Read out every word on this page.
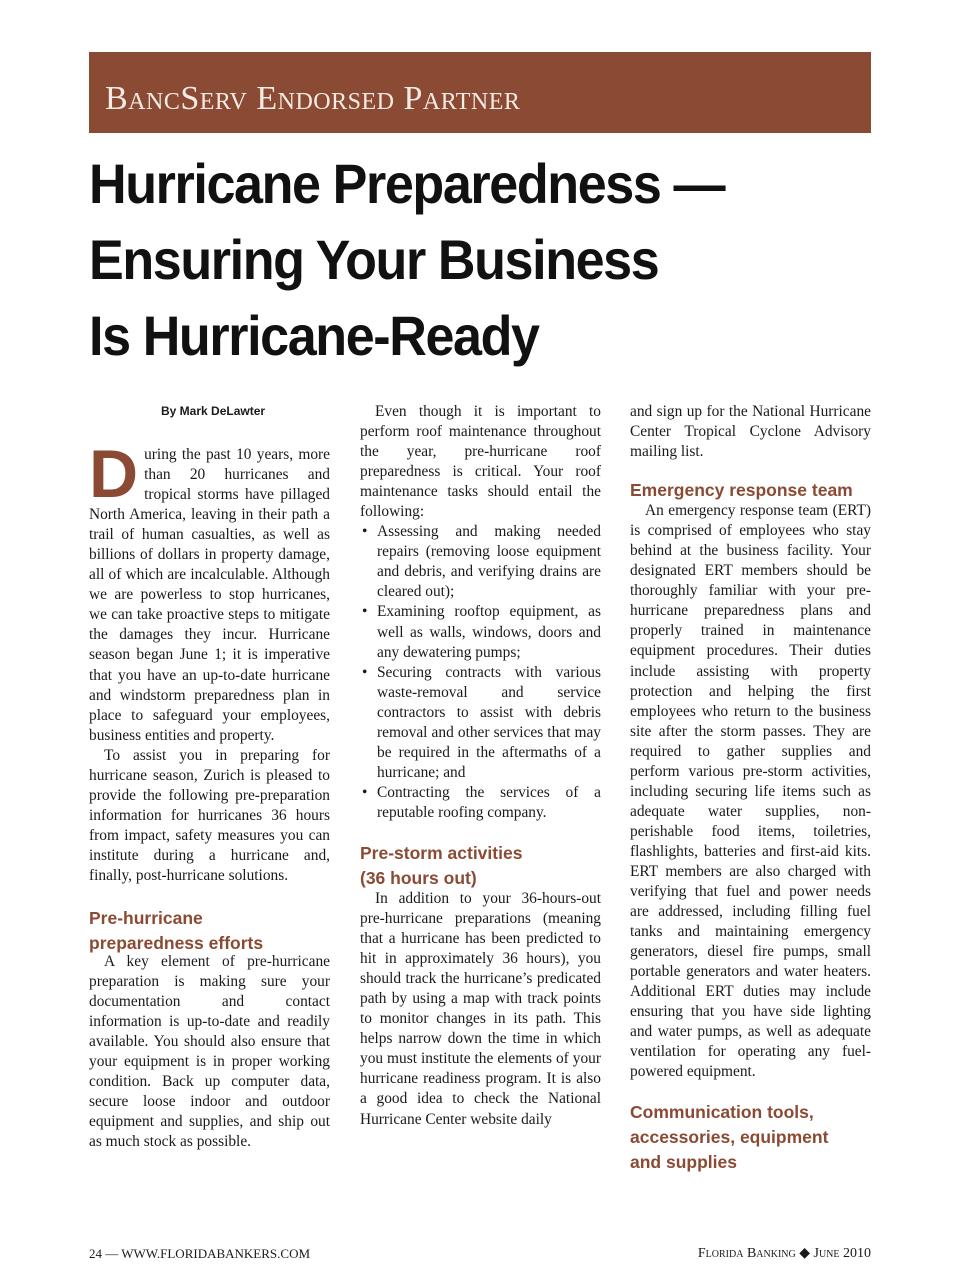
BancServ Endorsed Partner
Hurricane Preparedness —
Ensuring Your Business
Is Hurricane-Ready
By Mark DeLawter

During the past 10 years, more than 20 hurricanes and tropical storms have pillaged North America, leaving in their path a trail of human casualties, as well as billions of dollars in property damage, all of which are incalculable. Although we are powerless to stop hurricanes, we can take proactive steps to mitigate the damages they incur. Hurricane season began June 1; it is imperative that you have an up-to-date hurricane and windstorm preparedness plan in place to safeguard your employees, business entities and property.

To assist you in preparing for hurricane season, Zurich is pleased to provide the following pre-preparation information for hurricanes 36 hours from impact, safety measures you can institute during a hurricane and, finally, post-hurricane solutions.

Pre-hurricane
preparedness efforts

A key element of pre-hurricane preparation is making sure your documentation and contact information is up-to-date and readily available. You should also ensure that your equipment is in proper working condition. Back up computer data, secure loose indoor and outdoor equipment and supplies, and ship out as much stock as possible.

Even though it is important to perform roof maintenance throughout the year, pre-hurricane roof preparedness is critical. Your roof maintenance tasks should entail the following:

• Assessing and making needed repairs (removing loose equipment and debris, and verifying drains are cleared out);
• Examining rooftop equipment, as well as walls, windows, doors and any dewatering pumps;
• Securing contracts with various waste-removal and service contractors to assist with debris removal and other services that may be required in the aftermaths of a hurricane; and
• Contracting the services of a reputable roofing company.
Pre-storm activities
(36 hours out)

In addition to your 36-hours-out pre-hurricane preparations (meaning that a hurricane has been predicted to hit in approximately 36 hours), you should track the hurricane’s predicated path by using a map with track points to monitor changes in its path. This helps narrow down the time in which you must institute the elements of your hurricane readiness program. It is also a good idea to check the National Hurricane Center website daily

and sign up for the National Hurricane Center Tropical Cyclone Advisory mailing list.

Emergency response team

An emergency response team (ERT) is comprised of employees who stay behind at the business facility. Your designated ERT members should be thoroughly familiar with your pre-hurricane preparedness plans and properly trained in maintenance equipment procedures. Their duties include assisting with property protection and helping the first employees who return to the business site after the storm passes. They are required to gather supplies and perform various pre-storm activities, including securing life items such as adequate water supplies, non-perishable food items, toiletries, flashlights, batteries and first-aid kits. ERT members are also charged with verifying that fuel and power needs are addressed, including filling fuel tanks and maintaining emergency generators, diesel fire pumps, small portable generators and water heaters. Additional ERT duties may include ensuring that you have side lighting and water pumps, as well as adequate ventilation for operating any fuel-powered equipment.

Communication tools,
accessories, equipment
and supplies
24 — WWW.FLORIDABANKERS.COM	Florida Banking ◆ June 2010
